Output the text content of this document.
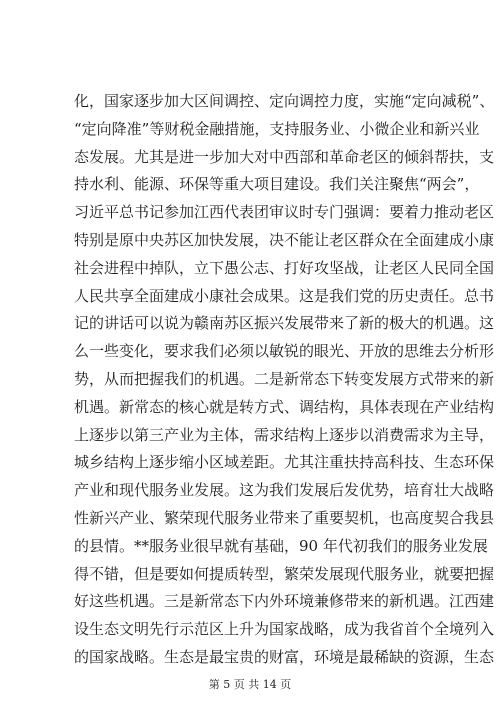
化，国家逐步加大区间调控、定向调控力度，实施“定向减税”、
“定向降准”等财税金融措施，支持服务业、小微企业和新兴业
态发展。尤其是进一步加大对中西部和革命老区的倾斜帮扶，支
持水利、能源、环保等重大项目建设。我们关注聚焦“两会”，
习近平总书记参加江西代表团审议时专门强调：要着力推动老区
特别是原中央苏区加快发展，决不能让老区群众在全面建成小康
社会进程中掉队，立下愚公志、打好攻坚战，让老区人民同全国
人民共享全面建成小康社会成果。这是我们党的历史责任。总书
记的讲话可以说为赣南苏区振兴发展带来了新的极大的机遇。这
么一些变化，要求我们必须以敏锐的眼光、开放的思维去分析形
势，从而把握我们的机遇。二是新常态下转变发展方式带来的新
机遇。新常态的核心就是转方式、调结构，具体表现在产业结构
上逐步以第三产业为主体，需求结构上逐步以消费需求为主导，
城乡结构上逐步缩小区域差距。尤其注重扶持高科技、生态环保
产业和现代服务业发展。这为我们发展后发优势，培育壮大战略
性新兴产业、繁荣现代服务业带来了重要契机，也高度契合我县
的县情。**服务业很早就有基础，90 年代初我们的服务业发展
得不错，但是要如何提质转型，繁荣发展现代服务业，就要把握
好这些机遇。三是新常态下内外环境兼修带来的新机遇。江西建
设生态文明先行示范区上升为国家战略，成为我省首个全境列入
的国家战略。生态是最宝贵的财富，环境是最稀缺的资源，生态
第 5 页 共 14 页
